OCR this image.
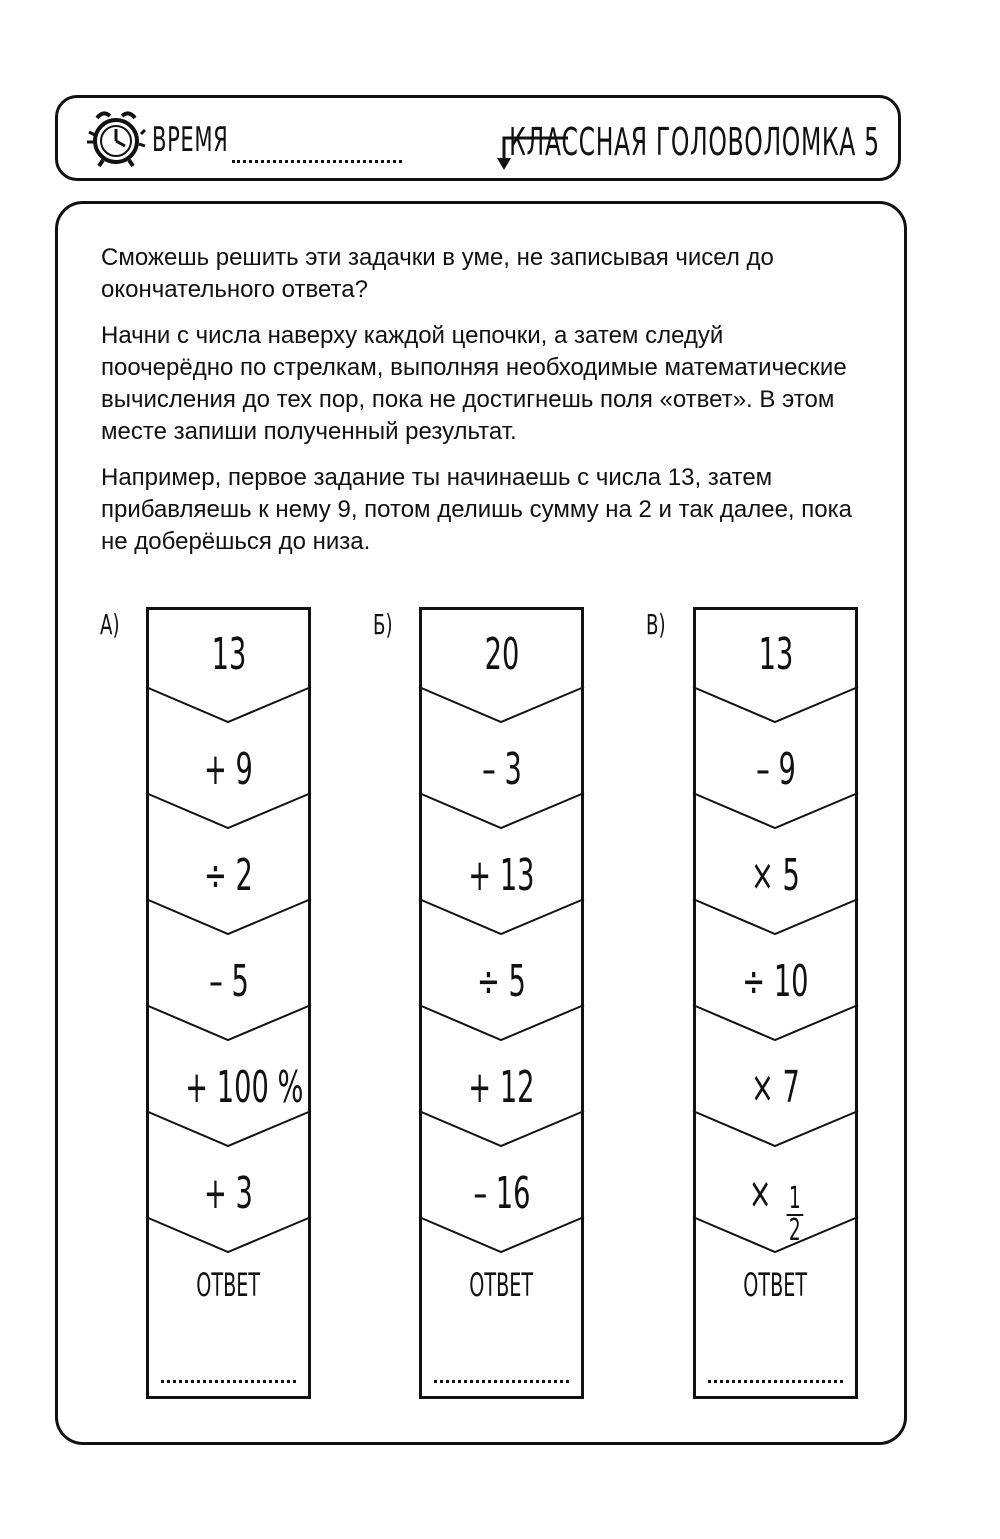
ВРЕМЯ	КЛАССНАЯ ГОЛОВОЛОМКА 5

Сможешь решить эти задачки в уме, не записывая чисел до окончательного ответа?

Начни с числа наверху каждой цепочки, а затем следуй поочерёдно по стрелкам, выполняя необходимые математические вычисления до тех пор, пока не достигнешь поля «ответ». В этом месте запиши полученный результат.

Например, первое задание ты начинаешь с числа 13, затем прибавляешь к нему 9, потом делишь сумму на 2 и так далее, пока не доберёшься до низа.

А)
13
+ 9
÷ 2
– 5
+ 100 %
+ 3
ОТВЕТ
Б)
20
– 3
+ 13
÷ 5
+ 12
– 16
ОТВЕТ
В)
13
– 9
× 5
÷ 10
× 7
× $\frac{1}{2}$
ОТВЕТ
